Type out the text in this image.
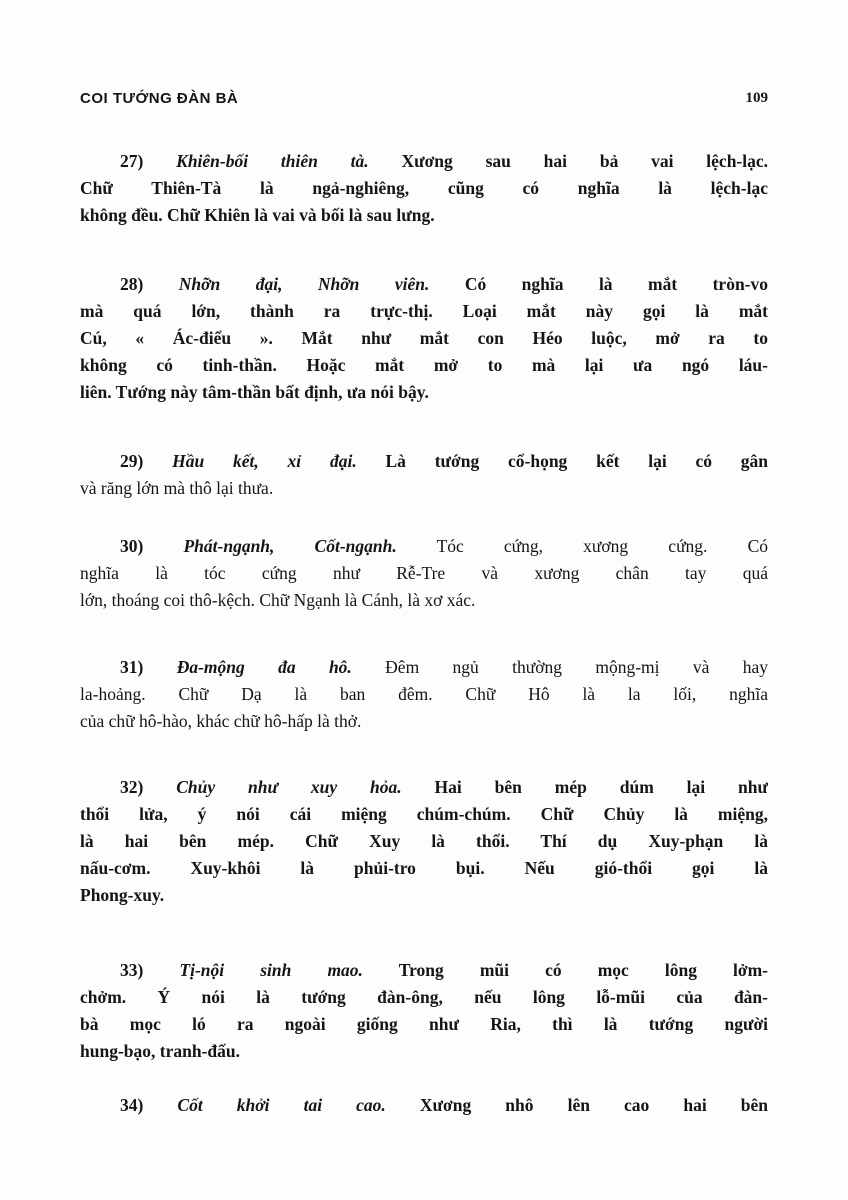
COI TƯỚNG ĐÀN BÀ	109
27) Khiên-bối thiên tà. Xương sau hai bả vai lệch-lạc.
Chữ Thiên-Tà là ngả-nghiêng, cũng có nghĩa là lệch-lạc
không đều. Chữ Khiên là vai và bối là sau lưng.
28) Nhỡn đại, Nhỡn viên. Có nghĩa là mắt tròn-vo
mà quá lớn, thành ra trực-thị. Loại mắt này gọi là mắt
Cú, « Ác-điểu ». Mắt như mắt con Héo luộc, mở ra to
không có tinh-thần. Hoặc mắt mở to mà lại ưa ngó láu-
liên. Tướng này tâm-thần bất định, ưa nói bậy.
29) Hầu kết, xỉ đại. Là tướng cổ-họng kết lại có gân
và răng lớn mà thô lại thưa.
30) Phát-ngạnh, Cốt-ngạnh. Tóc cứng, xương cứng. Có
nghĩa là tóc cứng như Rễ-Tre và xương chân tay quá
lớn, thoáng coi thô-kệch. Chữ Ngạnh là Cánh, là xơ xác.
31) Đa-mộng đa hô. Đêm ngủ thường mộng-mị và hay
la-hoảng. Chữ Dạ là ban đêm. Chữ Hô là la lối, nghĩa
của chữ hô-hào, khác chữ hô-hấp là thở.
32) Chủy như xuy hỏa. Hai bên mép dúm lại như
thổi lửa, ý nói cái miệng chúm-chúm. Chữ Chủy là miệng,
là hai bên mép. Chữ Xuy là thổi. Thí dụ Xuy-phạn là
nấu-cơm. Xuy-khôi là phủi-tro bụi. Nếu gió-thổi gọi là
Phong-xuy.
33) Tị-nội sinh mao. Trong mũi có mọc lông lởm-
chởm. Ý nói là tướng đàn-ông, nếu lông lỗ-mũi của đàn-
bà mọc ló ra ngoài giống như Ria, thì là tướng người
hung-bạo, tranh-đấu.
34) Cốt khởi tai cao. Xương nhô lên cao hai bên
